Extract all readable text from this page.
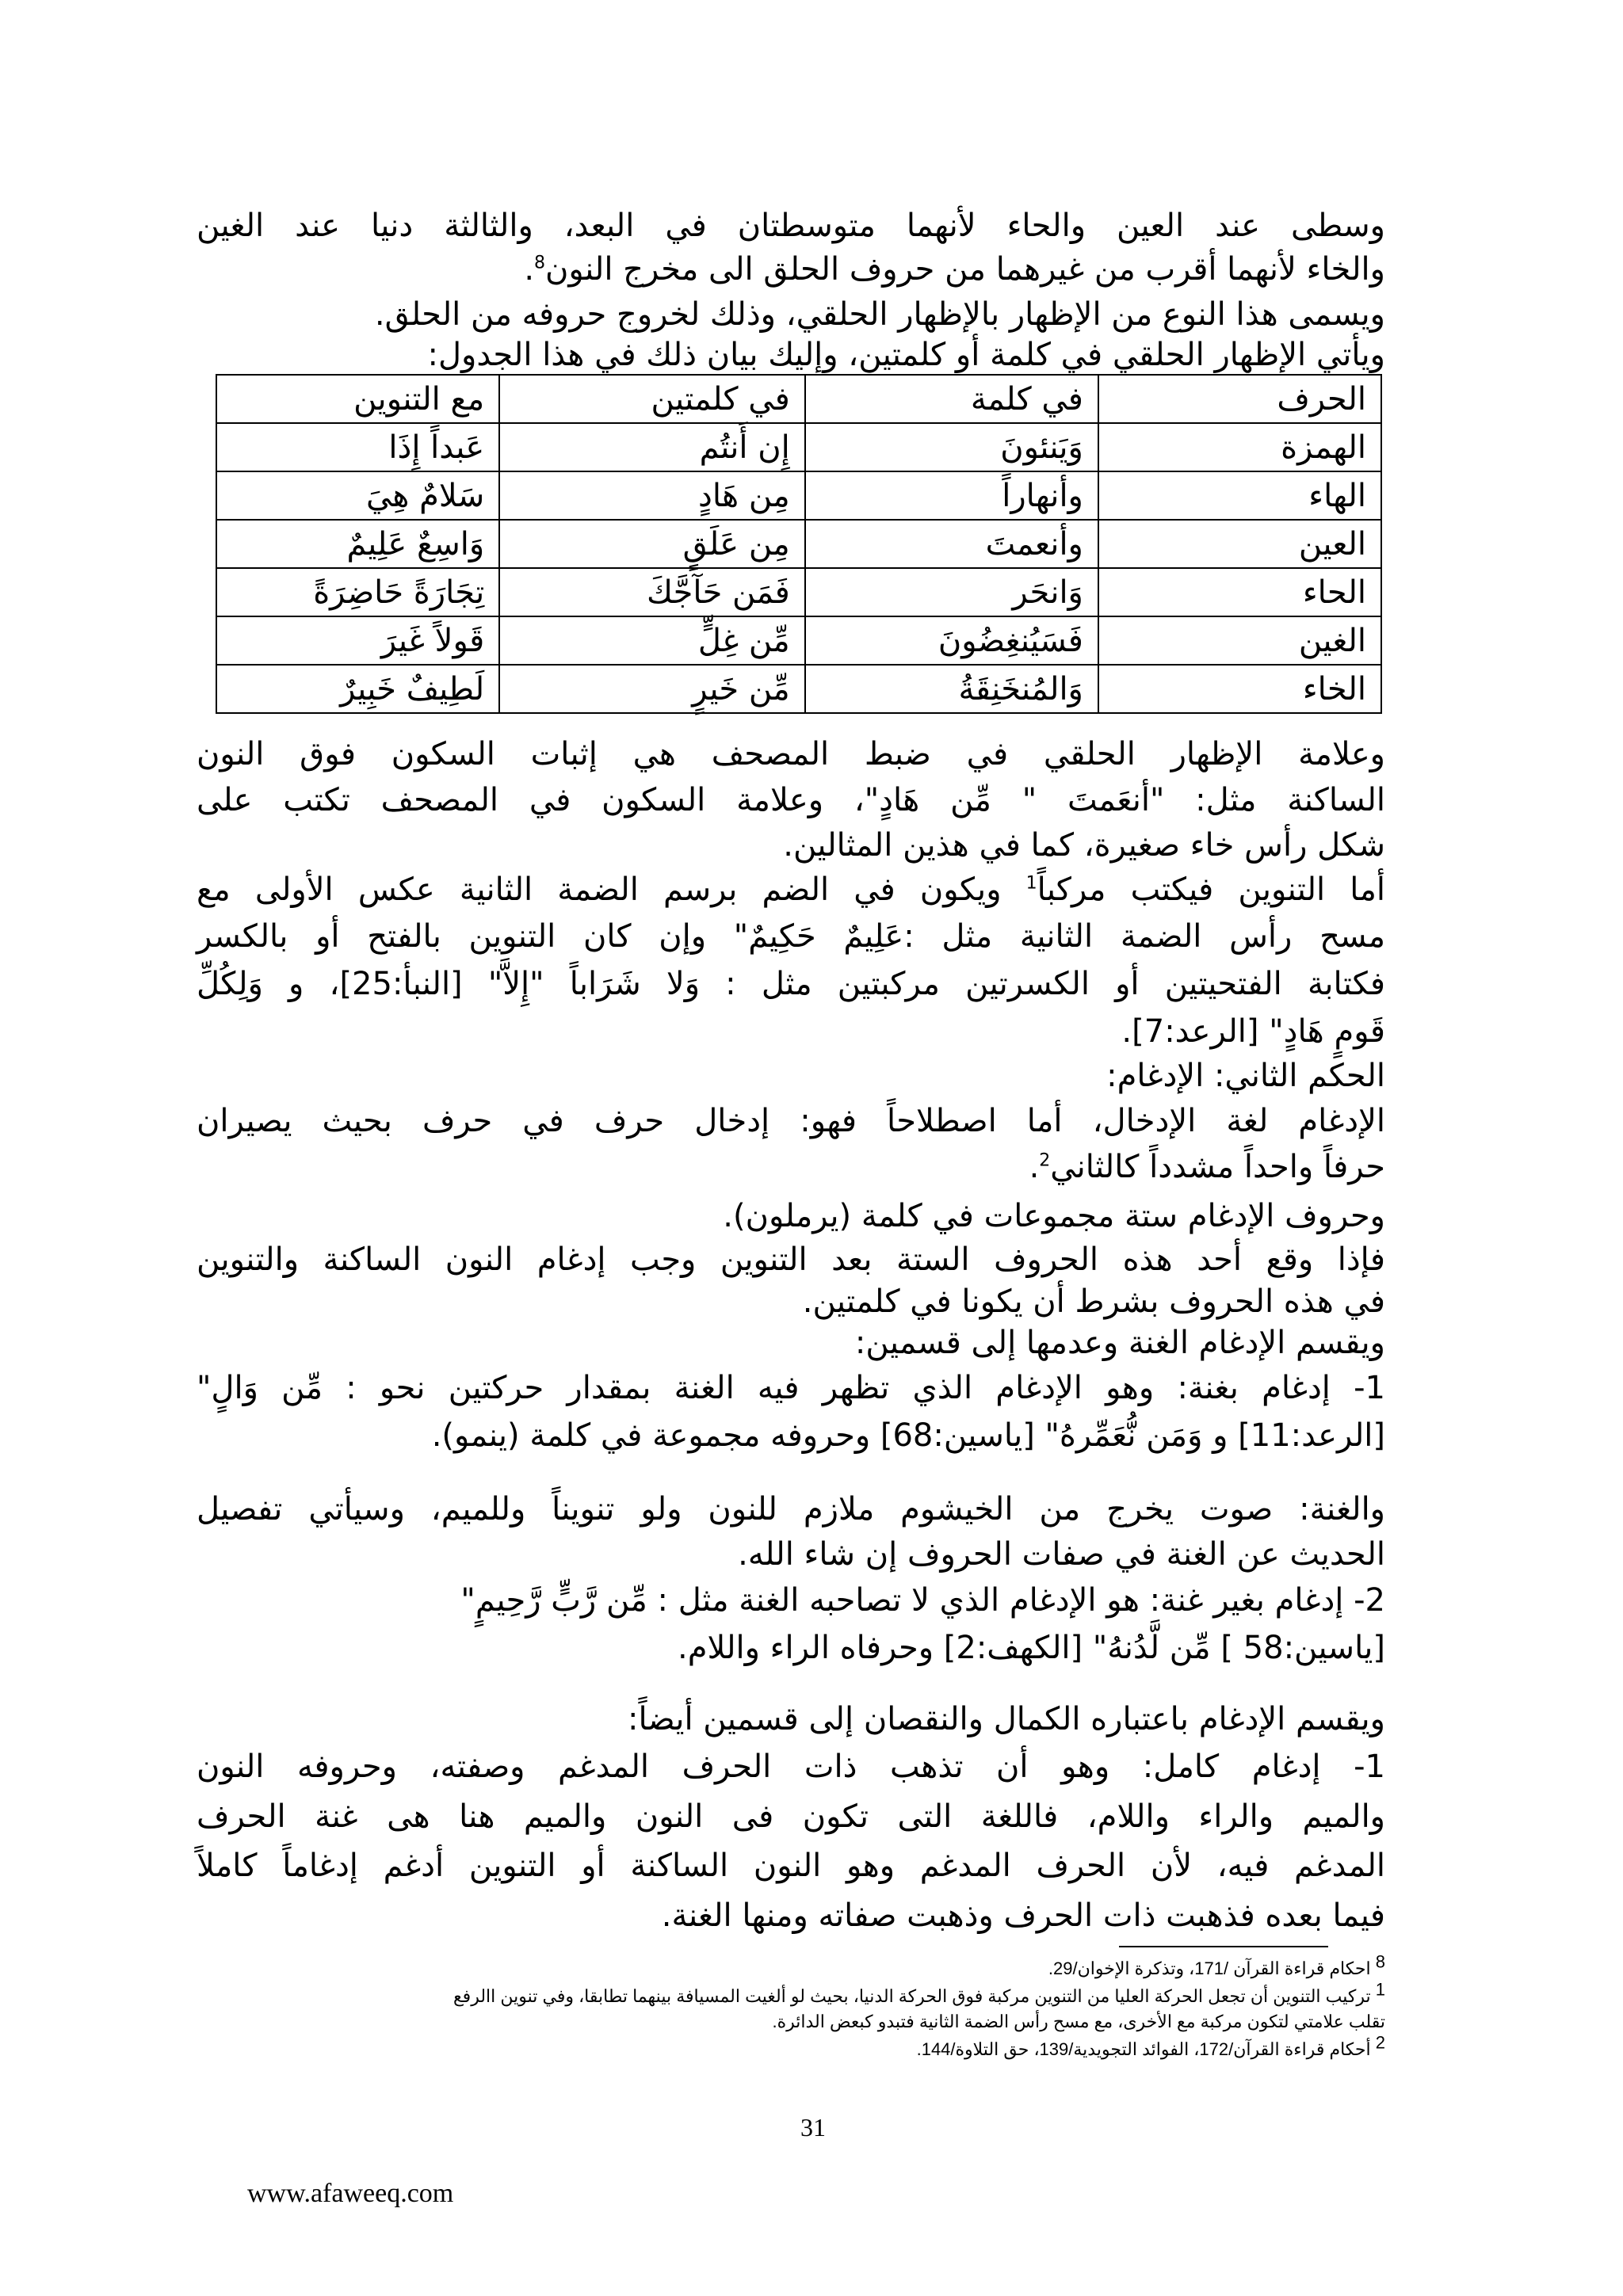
وسطى عند العين والحاء لأنهما متوسطتان في البعد، والثالثة دنيا عند الغين
والخاء لأنهما أقرب من غيرهما من حروف الحلق الى مخرج النون$^8$.
ويسمى هذا النوع من الإظهار بالإظهار الحلقي، وذلك لخروج حروفه من الحلق.
ويأتي الإظهار الحلقي في كلمة أو كلمتين، وإليك بيان ذلك في هذا الجدول:
الحرف	في كلمة	في كلمتين	مع التنوين
الهمزة	وَيَنئونَ	إِن أَنتُم	عَبداً إِذَا
الهاء	وأنهاراً	مِن هَادٍ	سَلامٌ هِيَ
العين	وأنعمتَ	مِن عَلَقٍ	وَاسِعٌ عَلِيمٌ
الحاء	وَانحَر	فَمَن حَآجَّكَ	تِجَارَةً حَاضِرَةً
الغين	فَسَيُنغِضُونَ	مِّن غِلٍّ	قَولاً غَيرَ
الخاء	وَالمُنخَنِقَةُ	مِّن خَيرٍ	لَطِيفٌ خَبِيرٌ
وعلامة الإظهار الحلقي في ضبط المصحف هي إثبات السكون فوق النون
الساكنة مثل: "أنعَمتَ " مِّن هَادٍ"، وعلامة السكون في المصحف تكتب على
شكل رأس خاء صغيرة، كما في هذين المثالين.
أما التنوين فيكتب مركباً$^1$ ويكون في الضم برسم الضمة الثانية عكس الأولى مع
مسح رأس الضمة الثانية مثل :عَلِيمٌ حَكِيمٌ" وإن كان التنوين بالفتح أو بالكسر
فكتابة الفتحيتين أو الكسرتين مركبتين مثل : وَلا شَرَاباً "إِلاَّ" [النبأ:25]، و وَلِكُلِّ
قَومٍ هَادٍ" [الرعد:7].
الحكم الثاني: الإدغام:
الإدغام لغة الإدخال، أما اصطلاحاً فهو: إدخال حرف في حرف بحيث يصيران
حرفاً واحداً مشدداً كالثاني$^2$.
وحروف الإدغام ستة مجموعات في كلمة (يرملون).
فإذا وقع أحد هذه الحروف الستة بعد التنوين وجب إدغام النون الساكنة والتنوين
في هذه الحروف بشرط أن يكونا في كلمتين.
ويقسم الإدغام الغنة وعدمها إلى قسمين:
1- إدغام بغنة: وهو الإدغام الذي تظهر فيه الغنة بمقدار حركتين نحو : مِّن وَالٍ"
[الرعد:11] و وَمَن نُّعَمِّرهُ" [ياسين:68] وحروفه مجموعة في كلمة (ينمو).
والغنة: صوت يخرج من الخيشوم ملازم للنون ولو تنويناً وللميم، وسيأتي تفصيل
الحديث عن الغنة في صفات الحروف إن شاء الله.
2- إدغام بغير غنة: هو الإدغام الذي لا تصاحبه الغنة مثل : مِّن رَّبٍّ رَّحِيمٍ"
[ياسين:58 ] مِّن لَّدُنهُ" [الكهف:2] وحرفاه الراء واللام.
ويقسم الإدغام باعتباره الكمال والنقصان إلى قسمين أيضاً:
1- إدغام كامل: وهو أن تذهب ذات الحرف المدغم وصفته، وحروفه النون
والميم والراء واللام، فاللغة التى تكون فى النون والميم هنا هى غنة الحرف
المدغم فيه، لأن الحرف المدغم وهو النون الساكنة أو التنوين أدغم إدغاماً كاملاً
فيما بعده فذهبت ذات الحرف وذهبت صفاته ومنها الغنة.
$^8$ احكام قراءة القرآن /171، وتذكرة الإخوان/29.
$^1$ تركيب التنوين أن تجعل الحركة العليا من التنوين مركبة فوق الحركة الدنيا، بحيث لو ألغيت المسيافة بينهما تطابقا، وفي تنوين االرفع
تقلب علامتي لتكون مركبة مع الأخرى، مع مسح رأس الضمة الثانية فتبدو كبعض الدائرة.
$^2$ أحكام قراءة القرآن/172، الفوائد التجويدية/139، حق التلاوة/144.
31
www.afaweeq.com
